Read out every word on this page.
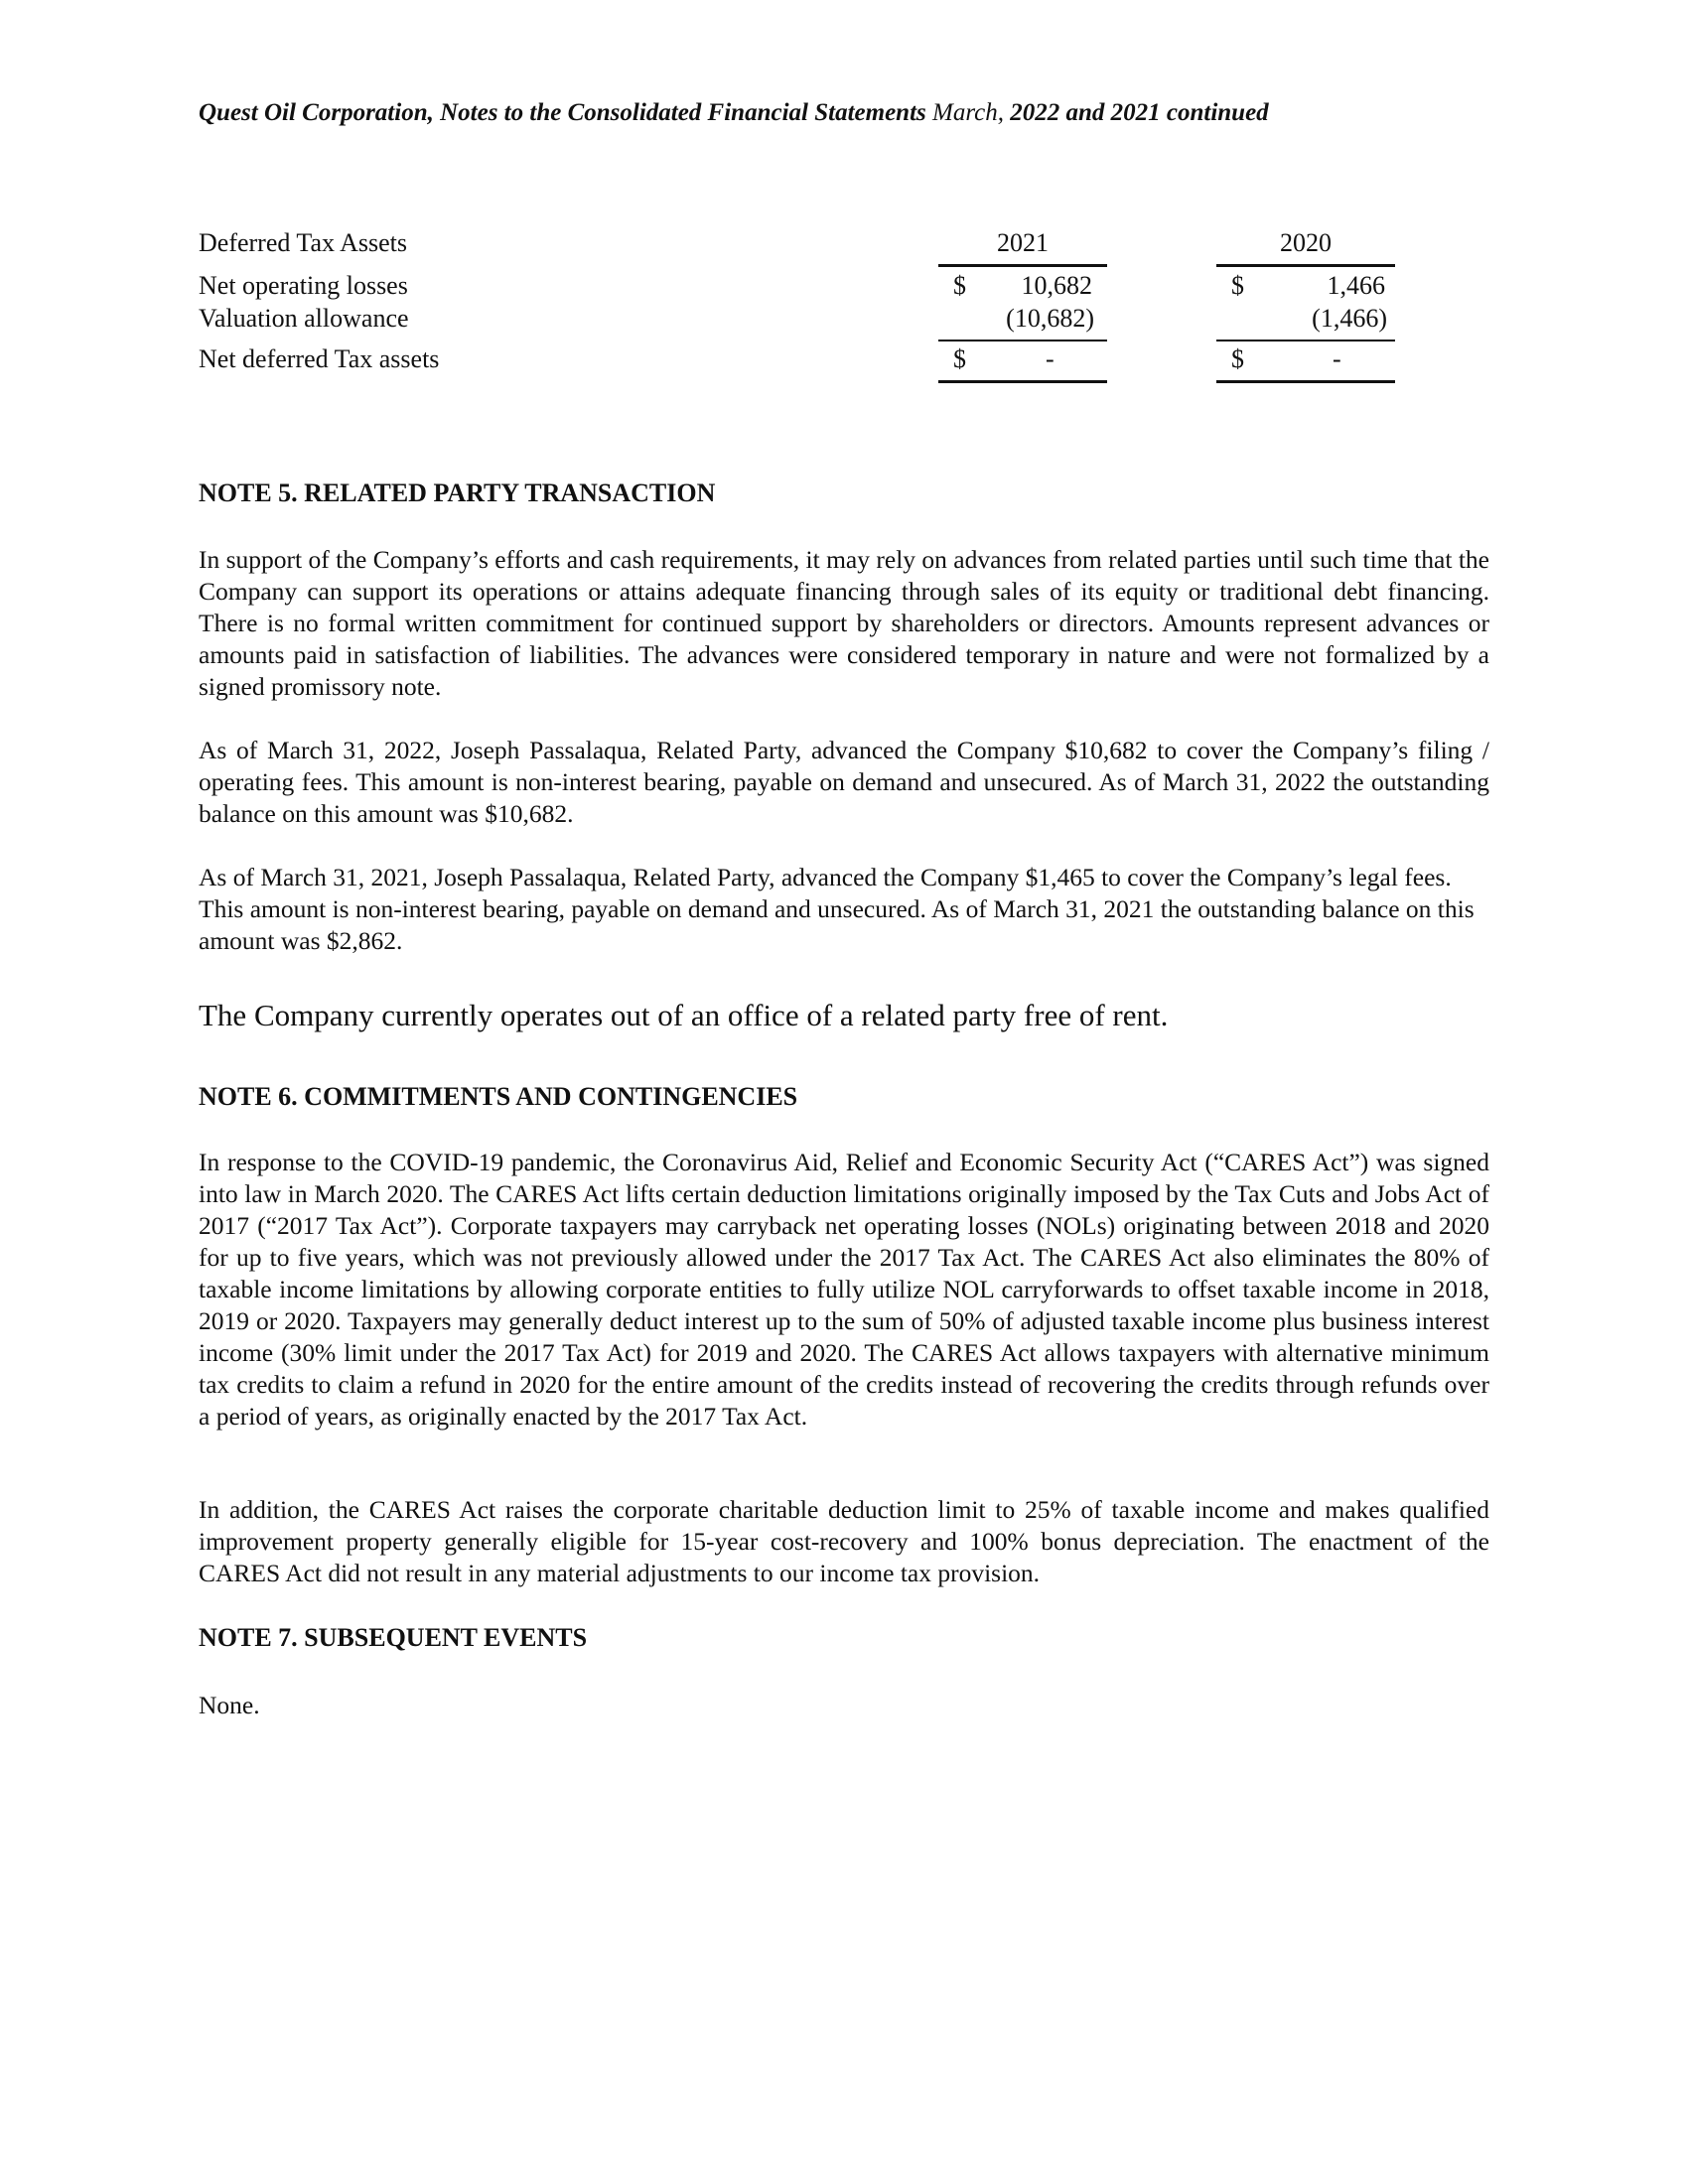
Quest Oil Corporation, Notes to the Consolidated Financial Statements March, 2022 and 2021 continued
Deferred Tax Assets	2021	2020
Net operating losses	$	10,682	$	1,466
Valuation allowance	(10,682)	(1,466)
Net deferred Tax assets	$	-	$	-
NOTE 5. RELATED PARTY TRANSACTION

In support of the Company’s efforts and cash requirements, it may rely on advances from related parties until such time that the Company can support its operations or attains adequate financing through sales of its equity or traditional debt financing. There is no formal written commitment for continued support by shareholders or directors. Amounts represent advances or amounts paid in satisfaction of liabilities. The advances were considered temporary in nature and were not formalized by a signed promissory note.

As of March 31, 2022, Joseph Passalaqua, Related Party, advanced the Company $10,682 to cover the Company’s filing / operating fees. This amount is non-interest bearing, payable on demand and unsecured. As of March 31, 2022 the outstanding balance on this amount was $10,682.

As of March 31, 2021, Joseph Passalaqua, Related Party, advanced the Company $1,465 to cover the Company’s legal fees. This amount is non-interest bearing, payable on demand and unsecured. As of March 31, 2021 the outstanding balance on this amount was $2,862.

The Company currently operates out of an office of a related party free of rent.

NOTE 6. COMMITMENTS AND CONTINGENCIES

In response to the COVID-19 pandemic, the Coronavirus Aid, Relief and Economic Security Act (“CARES Act”) was signed into law in March 2020. The CARES Act lifts certain deduction limitations originally imposed by the Tax Cuts and Jobs Act of 2017 (“2017 Tax Act”). Corporate taxpayers may carryback net operating losses (NOLs) originating between 2018 and 2020 for up to five years, which was not previously allowed under the 2017 Tax Act. The CARES Act also eliminates the 80% of taxable income limitations by allowing corporate entities to fully utilize NOL carryforwards to offset taxable income in 2018, 2019 or 2020. Taxpayers may generally deduct interest up to the sum of 50% of adjusted taxable income plus business interest income (30% limit under the 2017 Tax Act) for 2019 and 2020. The CARES Act allows taxpayers with alternative minimum tax credits to claim a refund in 2020 for the entire amount of the credits instead of recovering the credits through refunds over a period of years, as originally enacted by the 2017 Tax Act.

In addition, the CARES Act raises the corporate charitable deduction limit to 25% of taxable income and makes qualified improvement property generally eligible for 15-year cost-recovery and 100% bonus depreciation. The enactment of the CARES Act did not result in any material adjustments to our income tax provision.

NOTE 7. SUBSEQUENT EVENTS

None.
